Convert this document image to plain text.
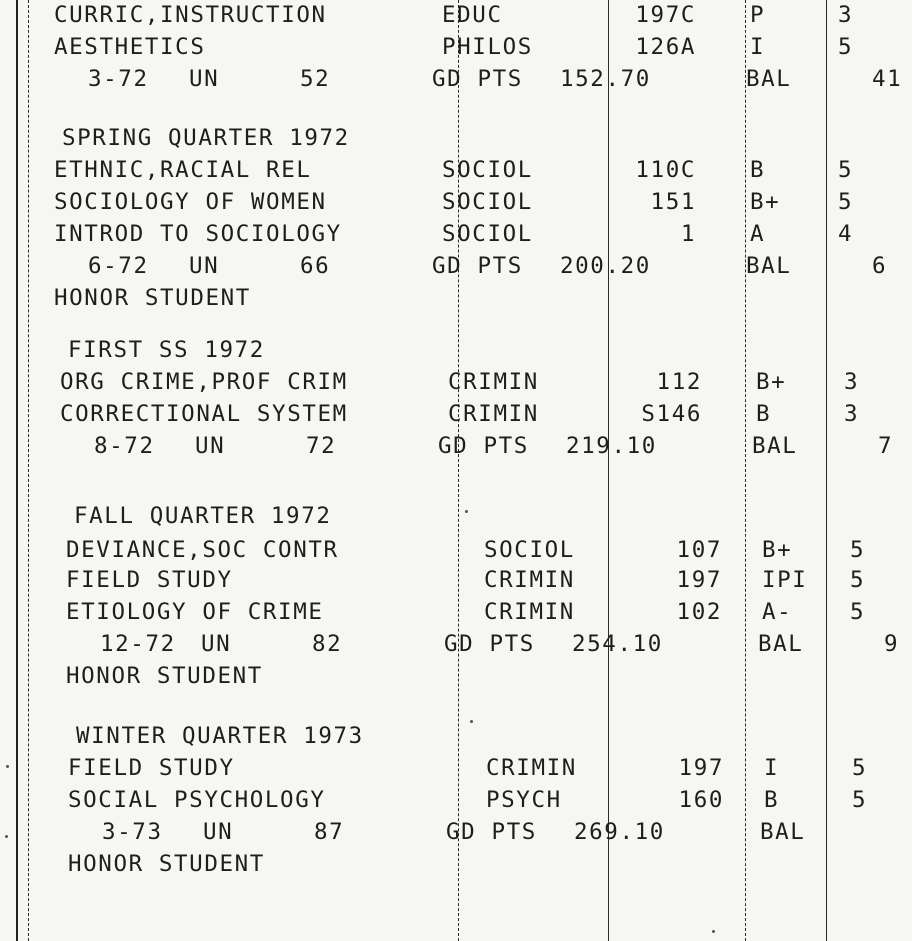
CURRIC,INSTRUCTION	EDUC	197C P	3
AESTHETICS	PHILOS	126A I	5
3-72 UN	52	GD PTS 152.70	BAL	41
SPRING QUARTER 1972
ETHNIC,RACIAL REL	SOCIOL	110C B	5
SOCIOLOGY OF WOMEN	SOCIOL	151 B+	5
INTROD TO SOCIOLOGY	SOCIOL	1 A	4
6-72 UN	66	GD PTS 200.20	BAL	6
HONOR STUDENT
FIRST SS 1972
ORG CRIME,PROF CRIM	CRIMIN	112 B+	3
CORRECTIONAL SYSTEM	CRIMIN	S146 B	3
8-72 UN	72	GD PTS 219.10	BAL	7
FALL QUARTER 1972
DEVIANCE,SOC CONTR	SOCIOL	107 B+	5
FIELD STUDY	CRIMIN	197 IPI 5
ETIOLOGY OF CRIME	CRIMIN	102 A-	5
12-72 UN	82	GD PTS 254.10	BAL	9
HONOR STUDENT
WINTER QUARTER 1973
FIELD STUDY	CRIMIN	197 I	5
SOCIAL PSYCHOLOGY	PSYCH	160 B	5
3-73 UN	87	GD PTS 269.10	BAL
HONOR STUDENT
